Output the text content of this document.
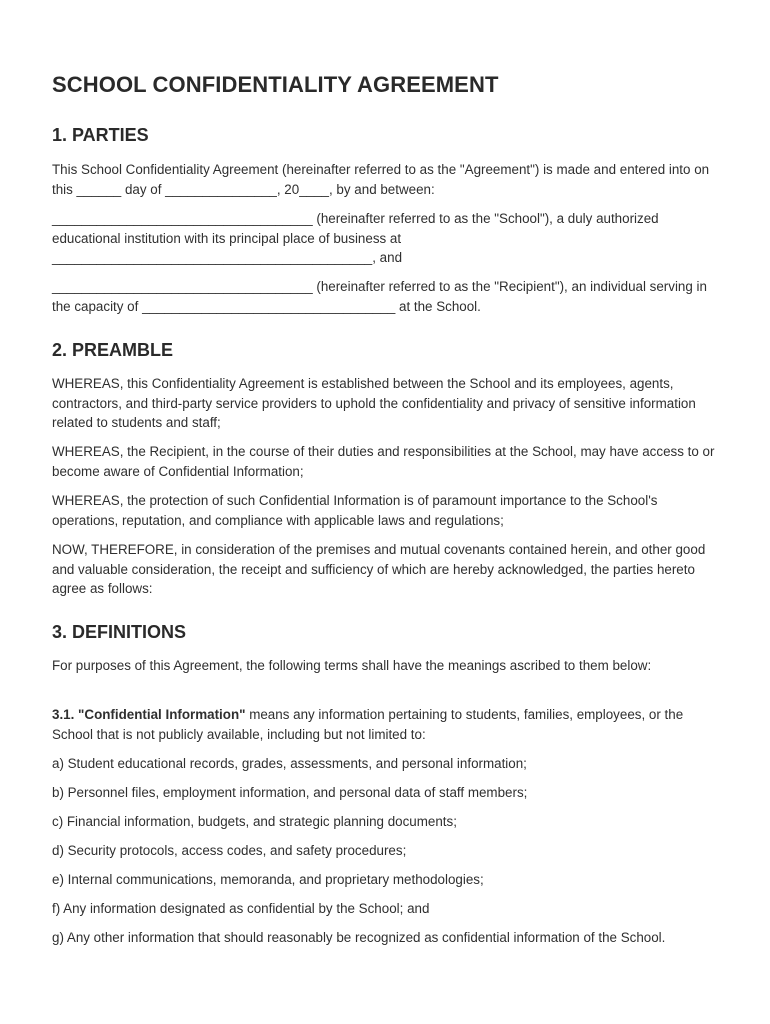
SCHOOL CONFIDENTIALITY AGREEMENT
1. PARTIES

This School Confidentiality Agreement (hereinafter referred to as the "Agreement") is made and entered into on this ______ day of _______________, 20____, by and between:

___________________________________ (hereinafter referred to as the "School"), a duly authorized educational institution with its principal place of business at ___________________________________________, and

___________________________________ (hereinafter referred to as the "Recipient"), an individual serving in the capacity of __________________________________ at the School.

2. PREAMBLE

WHEREAS, this Confidentiality Agreement is established between the School and its employees, agents, contractors, and third-party service providers to uphold the confidentiality and privacy of sensitive information related to students and staff;

WHEREAS, the Recipient, in the course of their duties and responsibilities at the School, may have access to or become aware of Confidential Information;

WHEREAS, the protection of such Confidential Information is of paramount importance to the School's operations, reputation, and compliance with applicable laws and regulations;

NOW, THEREFORE, in consideration of the premises and mutual covenants contained herein, and other good and valuable consideration, the receipt and sufficiency of which are hereby acknowledged, the parties hereto agree as follows:

3. DEFINITIONS

For purposes of this Agreement, the following terms shall have the meanings ascribed to them below:

3.1. "Confidential Information" means any information pertaining to students, families, employees, or the School that is not publicly available, including but not limited to:

a) Student educational records, grades, assessments, and personal information;

b) Personnel files, employment information, and personal data of staff members;

c) Financial information, budgets, and strategic planning documents;

d) Security protocols, access codes, and safety procedures;

e) Internal communications, memoranda, and proprietary methodologies;

f) Any information designated as confidential by the School; and

g) Any other information that should reasonably be recognized as confidential information of the School.
